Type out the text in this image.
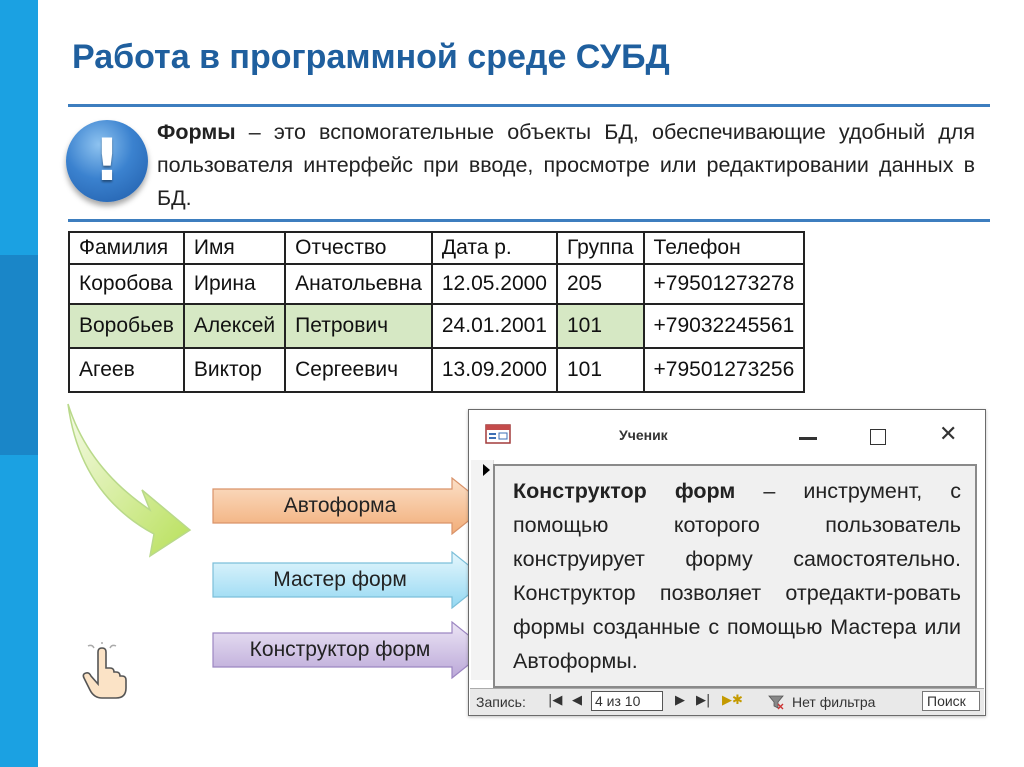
Работа в программной среде СУБД
!	Формы – это вспомогательные объекты БД, обеспечивающие удобный для пользователя интерфейс при вводе, просмотре или редактировании данных в БД.
Фамилия	Имя	Отчество	Дата р.	Группа	Телефон
Коробова	Ирина	Анатольевна	12.05.2000	205	+79501273278
Воробьев	Алексей	Петрович	24.01.2001	101	+79032245561
Агеев	Виктор	Сергеевич	13.09.2000	101	+79501273256
Автоформа
Мастер форм
Конструктор форм
Ученик	✕
Конструктор форм – инструмент, с помощью которого пользователь конструирует форму самостоятельно. Конструктор позволяет отредакти-ровать формы созданные с помощью Мастера или Автоформы.
Запись: |◀ ◀ 4 из 10	▶ ▶| ▶✱	Нет фильтра	Поиск
